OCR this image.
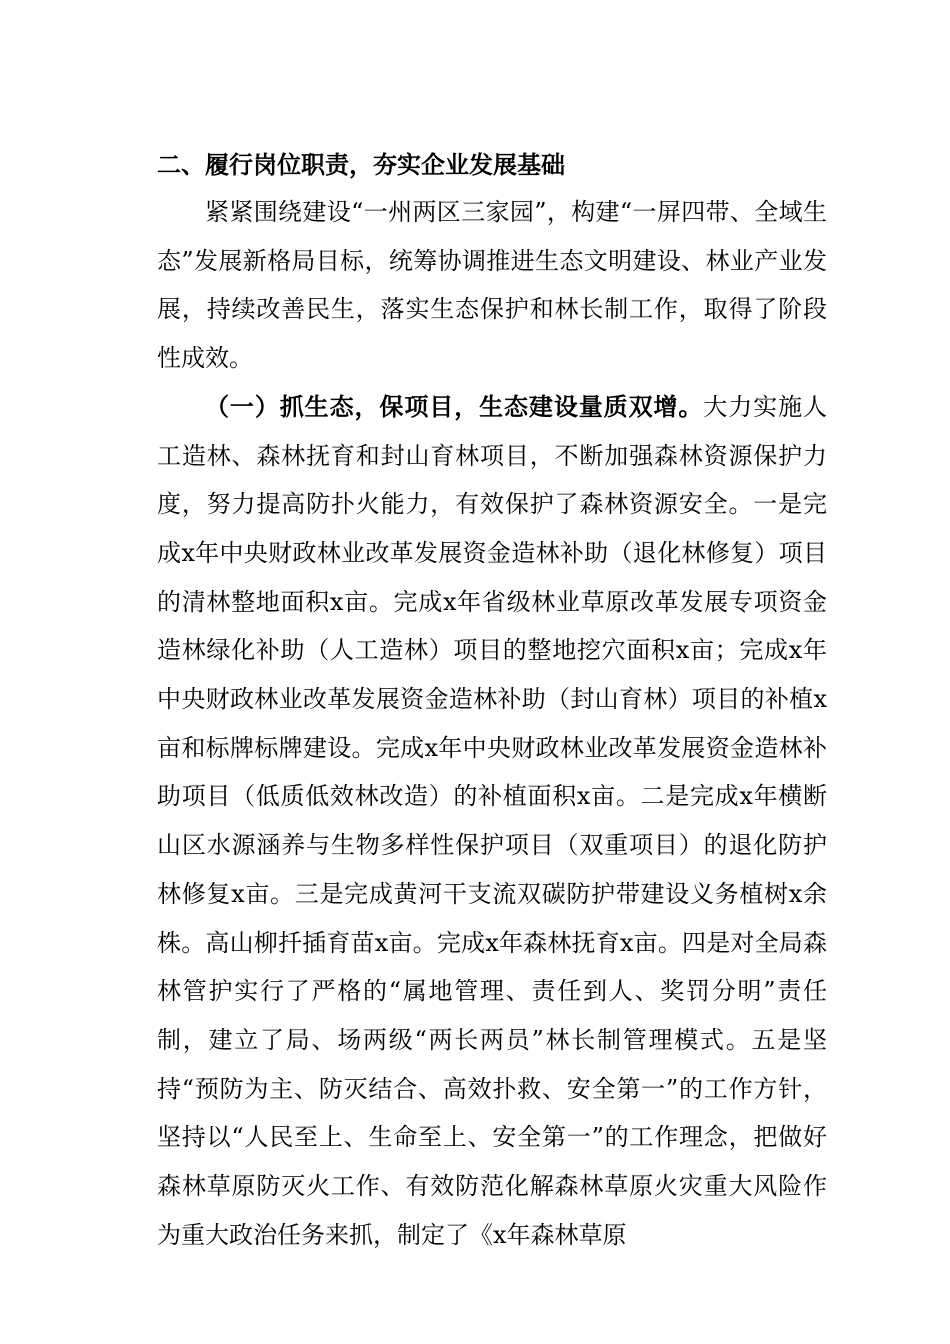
二、履行岗位职责，夯实企业发展基础

紧紧围绕建设“一州两区三家园”，构建“一屏四带、全域生态”发展新格局目标，统筹协调推进生态文明建设、林业产业发展，持续改善民生，落实生态保护和林长制工作，取得了阶段性成效。

（一）抓生态，保项目，生态建设量质双增。大力实施人工造林、森林抚育和封山育林项目，不断加强森林资源保护力度，努力提高防扑火能力，有效保护了森林资源安全。一是完成x年中央财政林业改革发展资金造林补助（退化林修复）项目的清林整地面积x亩。完成x年省级林业草原改革发展专项资金造林绿化补助（人工造林）项目的整地挖穴面积x亩；完成x年中央财政林业改革发展资金造林补助（封山育林）项目的补植x亩和标牌标牌建设。完成x年中央财政林业改革发展资金造林补助项目（低质低效林改造）的补植面积x亩。二是完成x年横断山区水源涵养与生物多样性保护项目（双重项目）的退化防护林修复x亩。三是完成黄河干支流双碳防护带建设义务植树x余株。高山柳扦插育苗x亩。完成x年森林抚育x亩。四是对全局森林管护实行了严格的“属地管理、责任到人、奖罚分明”责任制，建立了局、场两级“两长两员”林长制管理模式。五是坚持“预防为主、防灭结合、高效扑救、安全第一”的工作方针，坚持以“人民至上、生命至上、安全第一”的工作理念，把做好森林草原防灭火工作、有效防范化解森林草原火灾重大风险作为重大政治任务来抓，制定了《x年森林草原
